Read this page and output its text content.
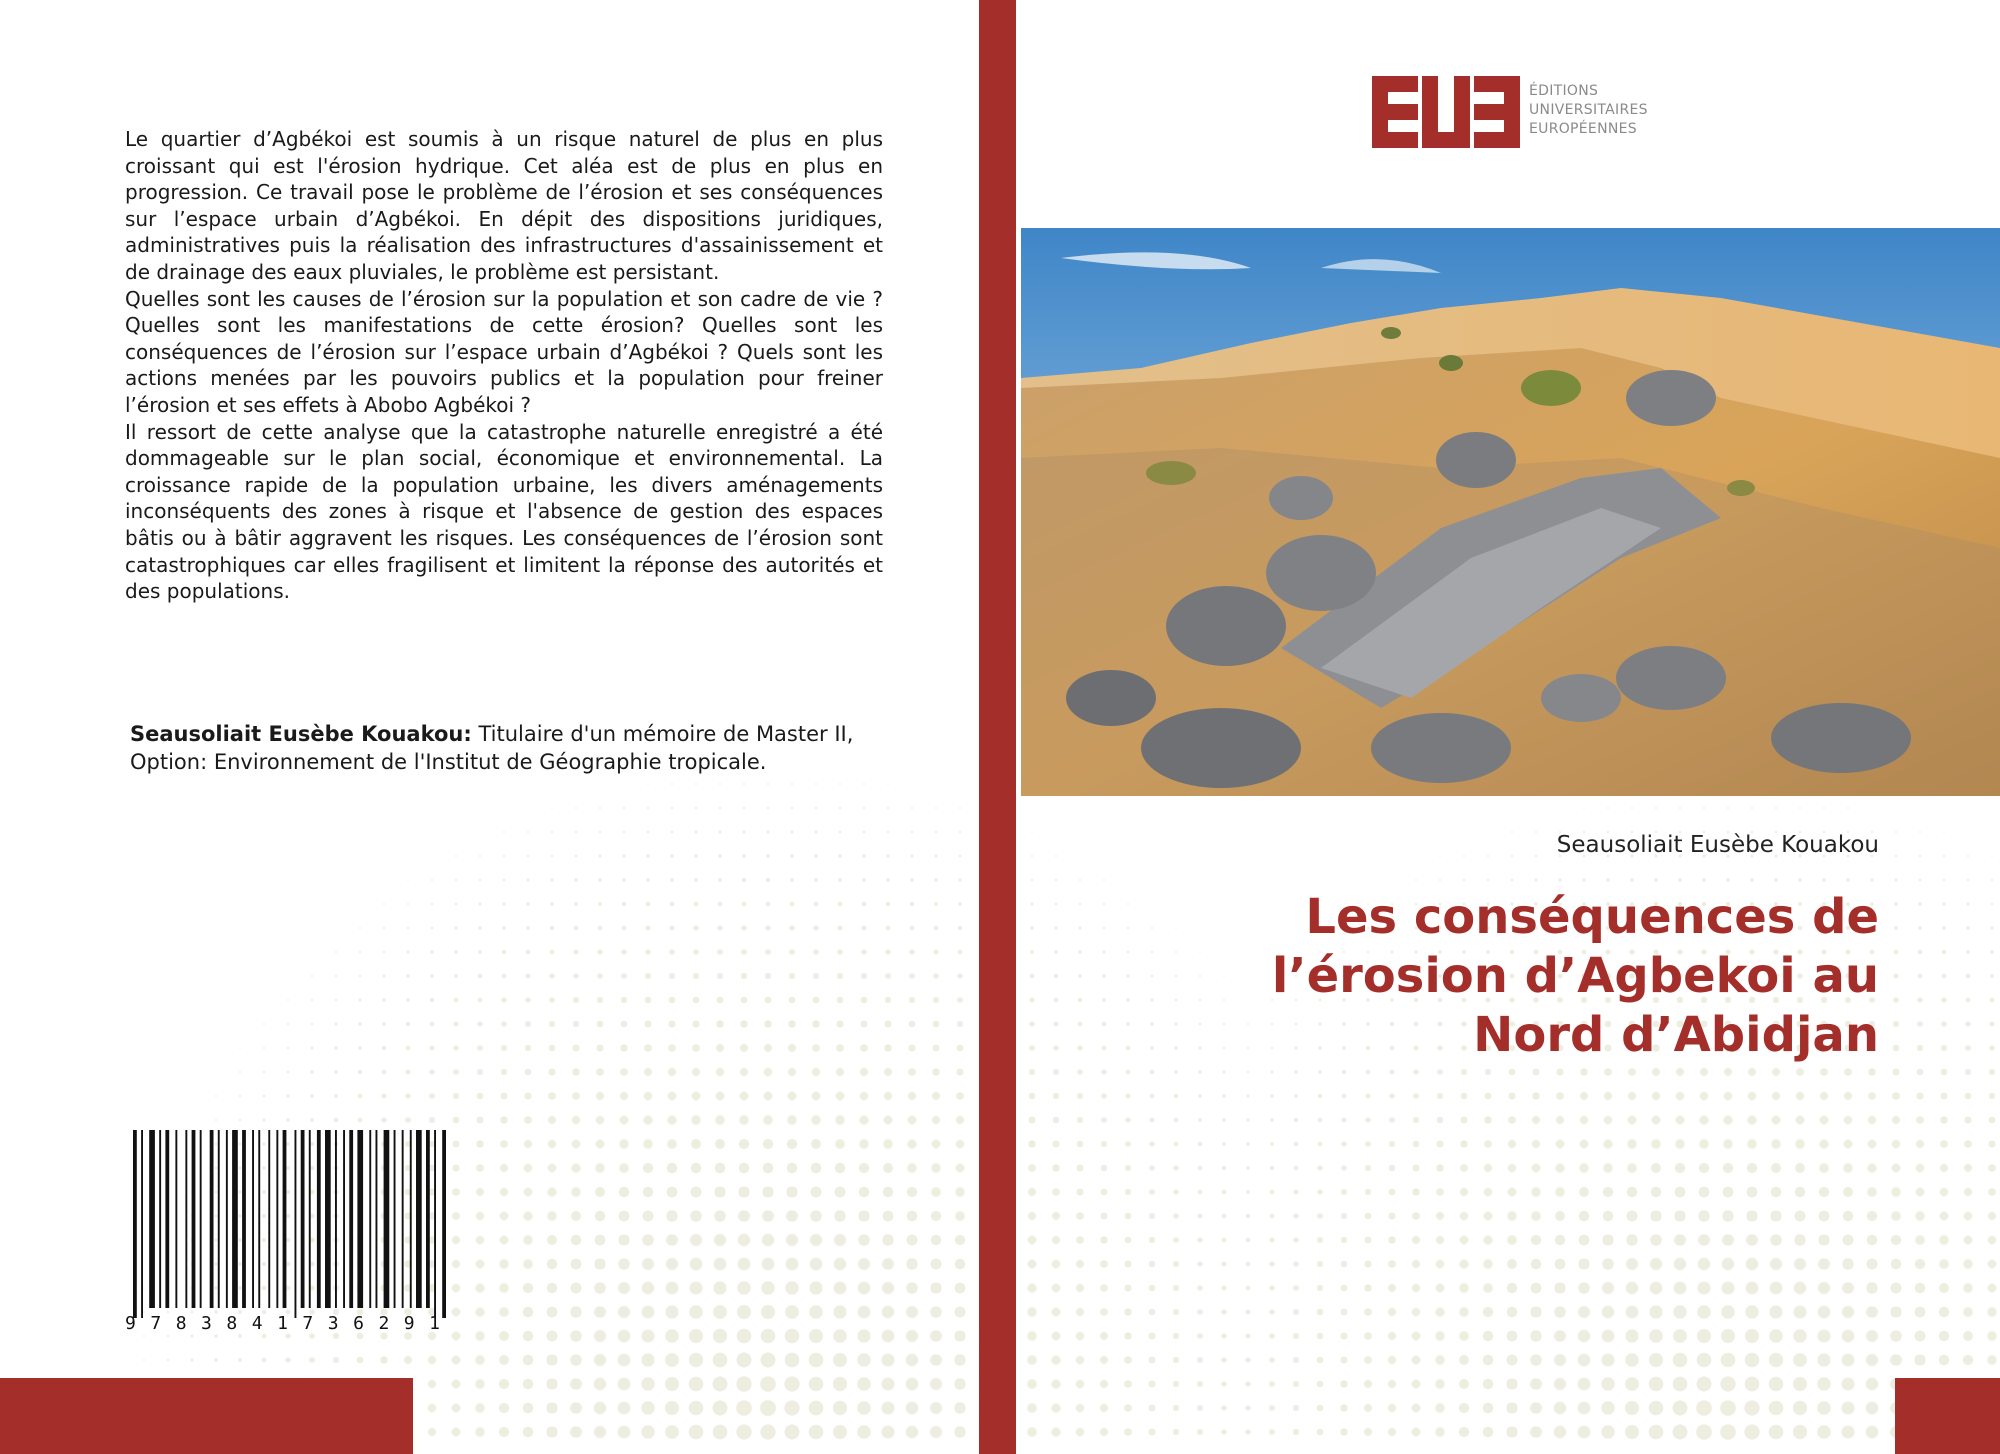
Le quartier d’Agbékoi est soumis à un risque naturel de plus en plus croissant qui est l'érosion hydrique. Cet aléa est de plus en plus en progression. Ce travail pose le problème de l’érosion et ses conséquences sur l’espace urbain d’Agbékoi. En dépit des dispositions juridiques, administratives puis la réalisation des infrastructures d'assainissement et de drainage des eaux pluviales, le problème est persistant.

Quelles sont les causes de l’érosion sur la population et son cadre de vie ? Quelles sont les manifestations de cette érosion? Quelles sont les conséquences de l’érosion sur l’espace urbain d’Agbékoi ? Quels sont les actions menées par les pouvoirs publics et la population pour freiner l’érosion et ses effets à Abobo Agbékoi ?

Il ressort de cette analyse que la catastrophe naturelle enregistré a été dommageable sur le plan social, économique et environnemental. La croissance rapide de la population urbaine, les divers aménagements inconséquents des zones à risque et l'absence de gestion des espaces bâtis ou à bâtir aggravent les risques. Les conséquences de l’érosion sont catastrophiques car elles fragilisent et limitent la réponse des autorités et des populations.

Seausoliait Eusèbe Kouakou: Titulaire d'un mémoire de Master II, Option: Environnement de l'Institut de Géographie tropicale.

9 7 8 3 8 4 1 7 3 6 2 9 1
ÉDITIONS
UNIVERSITAIRES
EUROPÉENNES
Seausoliait Eusèbe Kouakou
Les conséquences de
l’érosion d’Agbekoi au
Nord d’Abidjan
